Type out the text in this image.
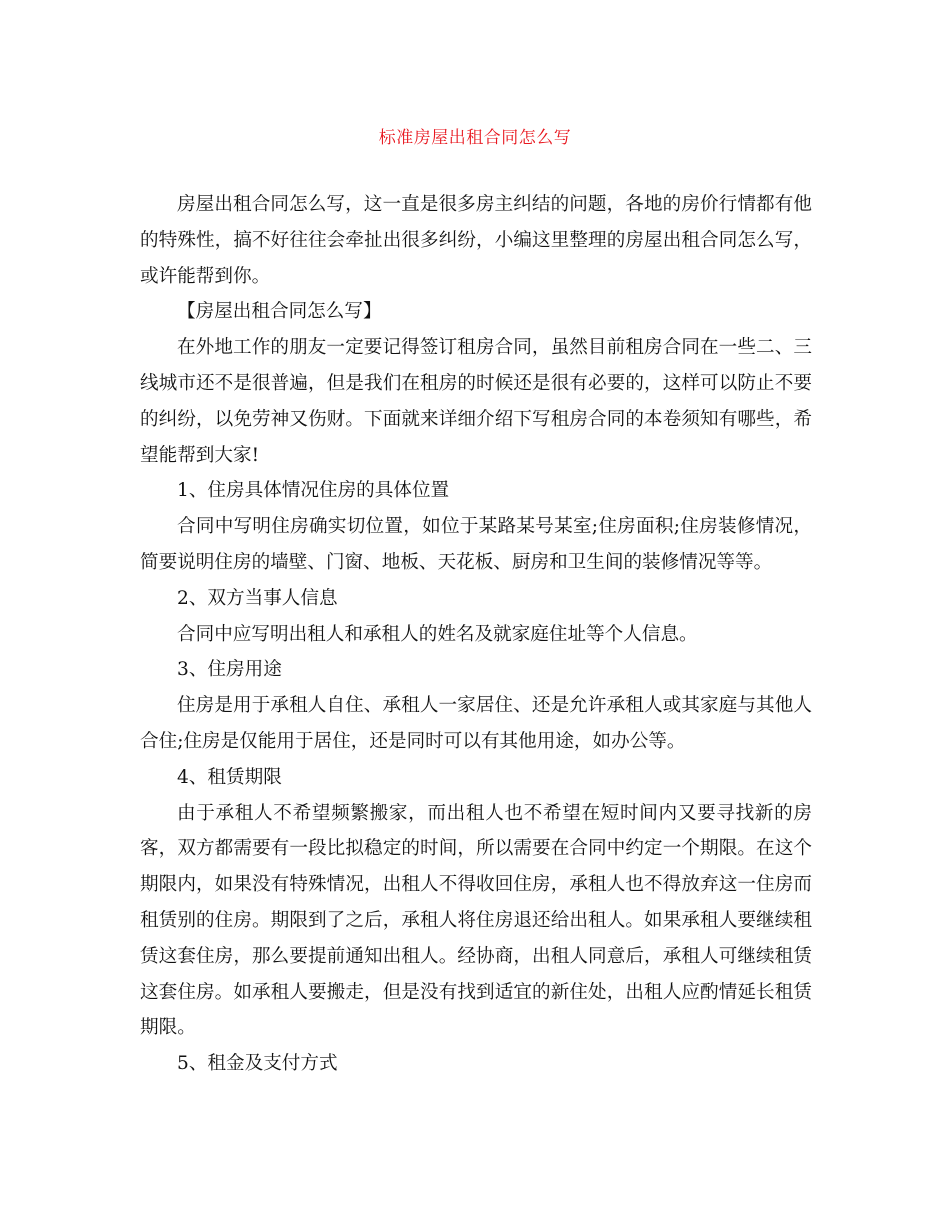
标准房屋出租合同怎么写

房屋出租合同怎么写，这一直是很多房主纠结的问题，各地的房价行情都有他的特殊性，搞不好往往会牵扯出很多纠纷，小编这里整理的房屋出租合同怎么写，或许能帮到你。

【房屋出租合同怎么写】

在外地工作的朋友一定要记得签订租房合同，虽然目前租房合同在一些二、三线城市还不是很普遍，但是我们在租房的时候还是很有必要的，这样可以防止不要的纠纷，以免劳神又伤财。下面就来详细介绍下写租房合同的本卷须知有哪些，希望能帮到大家!

1、住房具体情况住房的具体位置

合同中写明住房确实切位置，如位于某路某号某室;住房面积;住房装修情况，简要说明住房的墙壁、门窗、地板、天花板、厨房和卫生间的装修情况等等。

2、双方当事人信息

合同中应写明出租人和承租人的姓名及就家庭住址等个人信息。

3、住房用途

住房是用于承租人自住、承租人一家居住、还是允许承租人或其家庭与其他人合住;住房是仅能用于居住，还是同时可以有其他用途，如办公等。

4、租赁期限

由于承租人不希望频繁搬家，而出租人也不希望在短时间内又要寻找新的房客，双方都需要有一段比拟稳定的时间，所以需要在合同中约定一个期限。在这个期限内，如果没有特殊情况，出租人不得收回住房，承租人也不得放弃这一住房而租赁别的住房。期限到了之后，承租人将住房退还给出租人。如果承租人要继续租赁这套住房，那么要提前通知出租人。经协商，出租人同意后，承租人可继续租赁这套住房。如承租人要搬走，但是没有找到适宜的新住处，出租人应酌情延长租赁期限。

5、租金及支付方式
